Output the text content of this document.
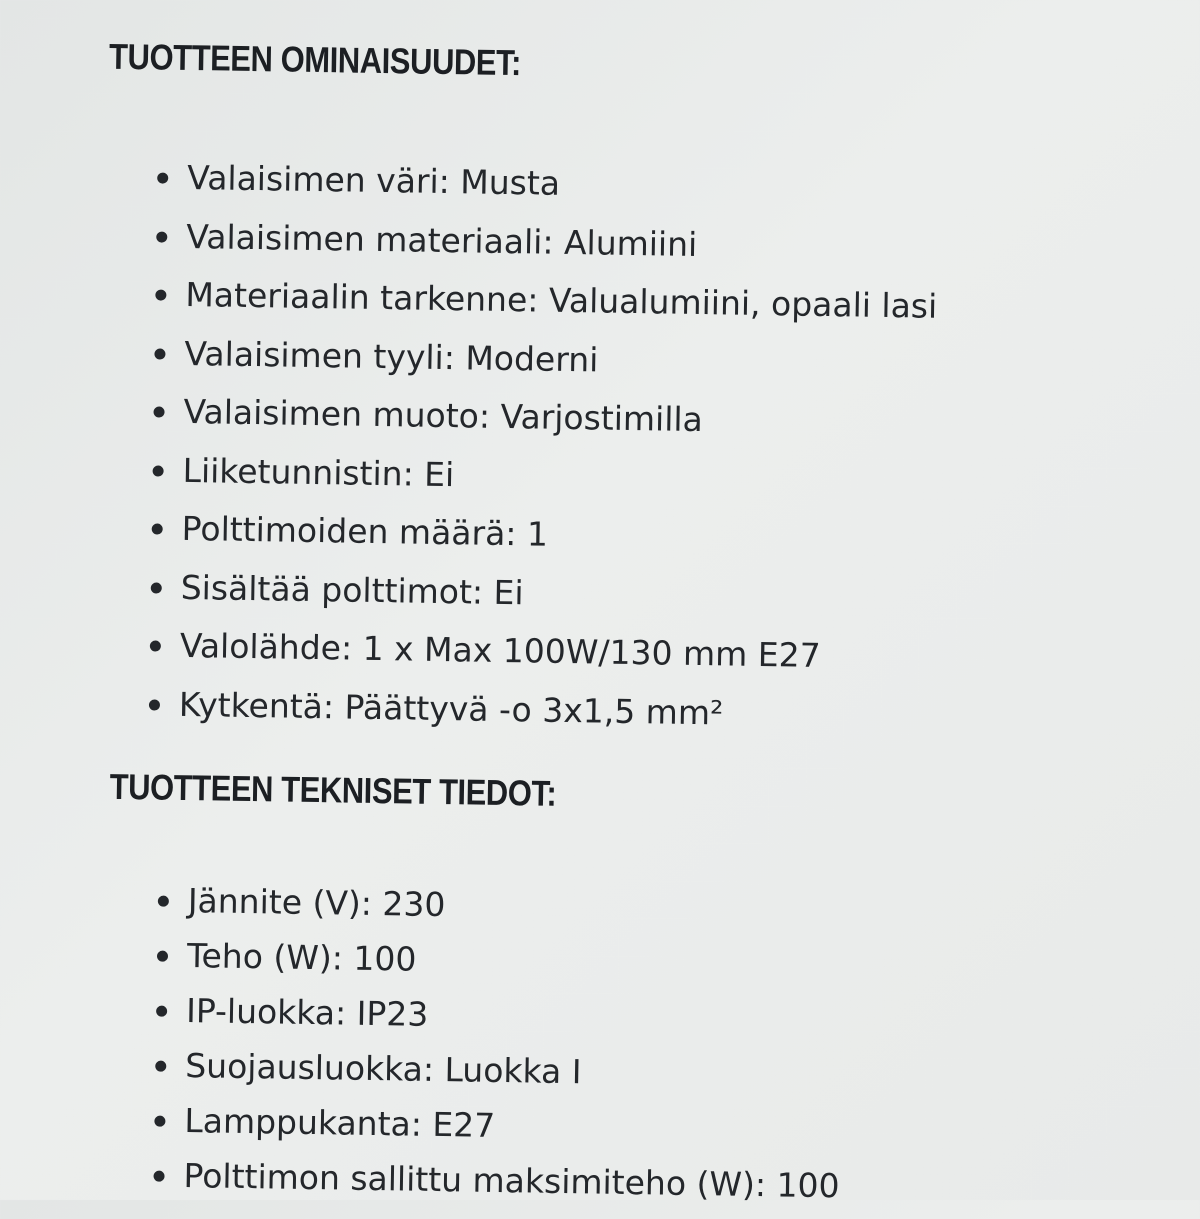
TUOTTEEN OMINAISUUDET:
Valaisimen väri: Musta
Valaisimen materiaali: Alumiini
Materiaalin tarkenne: Valualumiini, opaali lasi
Valaisimen tyyli: Moderni
Valaisimen muoto: Varjostimilla
Liiketunnistin: Ei
Polttimoiden määrä: 1
Sisältää polttimot: Ei
Valolähde: 1 x Max 100W/130 mm E27
Kytkentä: Päättyvä -o 3x1,5 mm²
TUOTTEEN TEKNISET TIEDOT:
Jännite (V): 230
Teho (W): 100
IP-luokka: IP23
Suojausluokka: Luokka I
Lamppukanta: E27
Polttimon sallittu maksimiteho (W): 100
